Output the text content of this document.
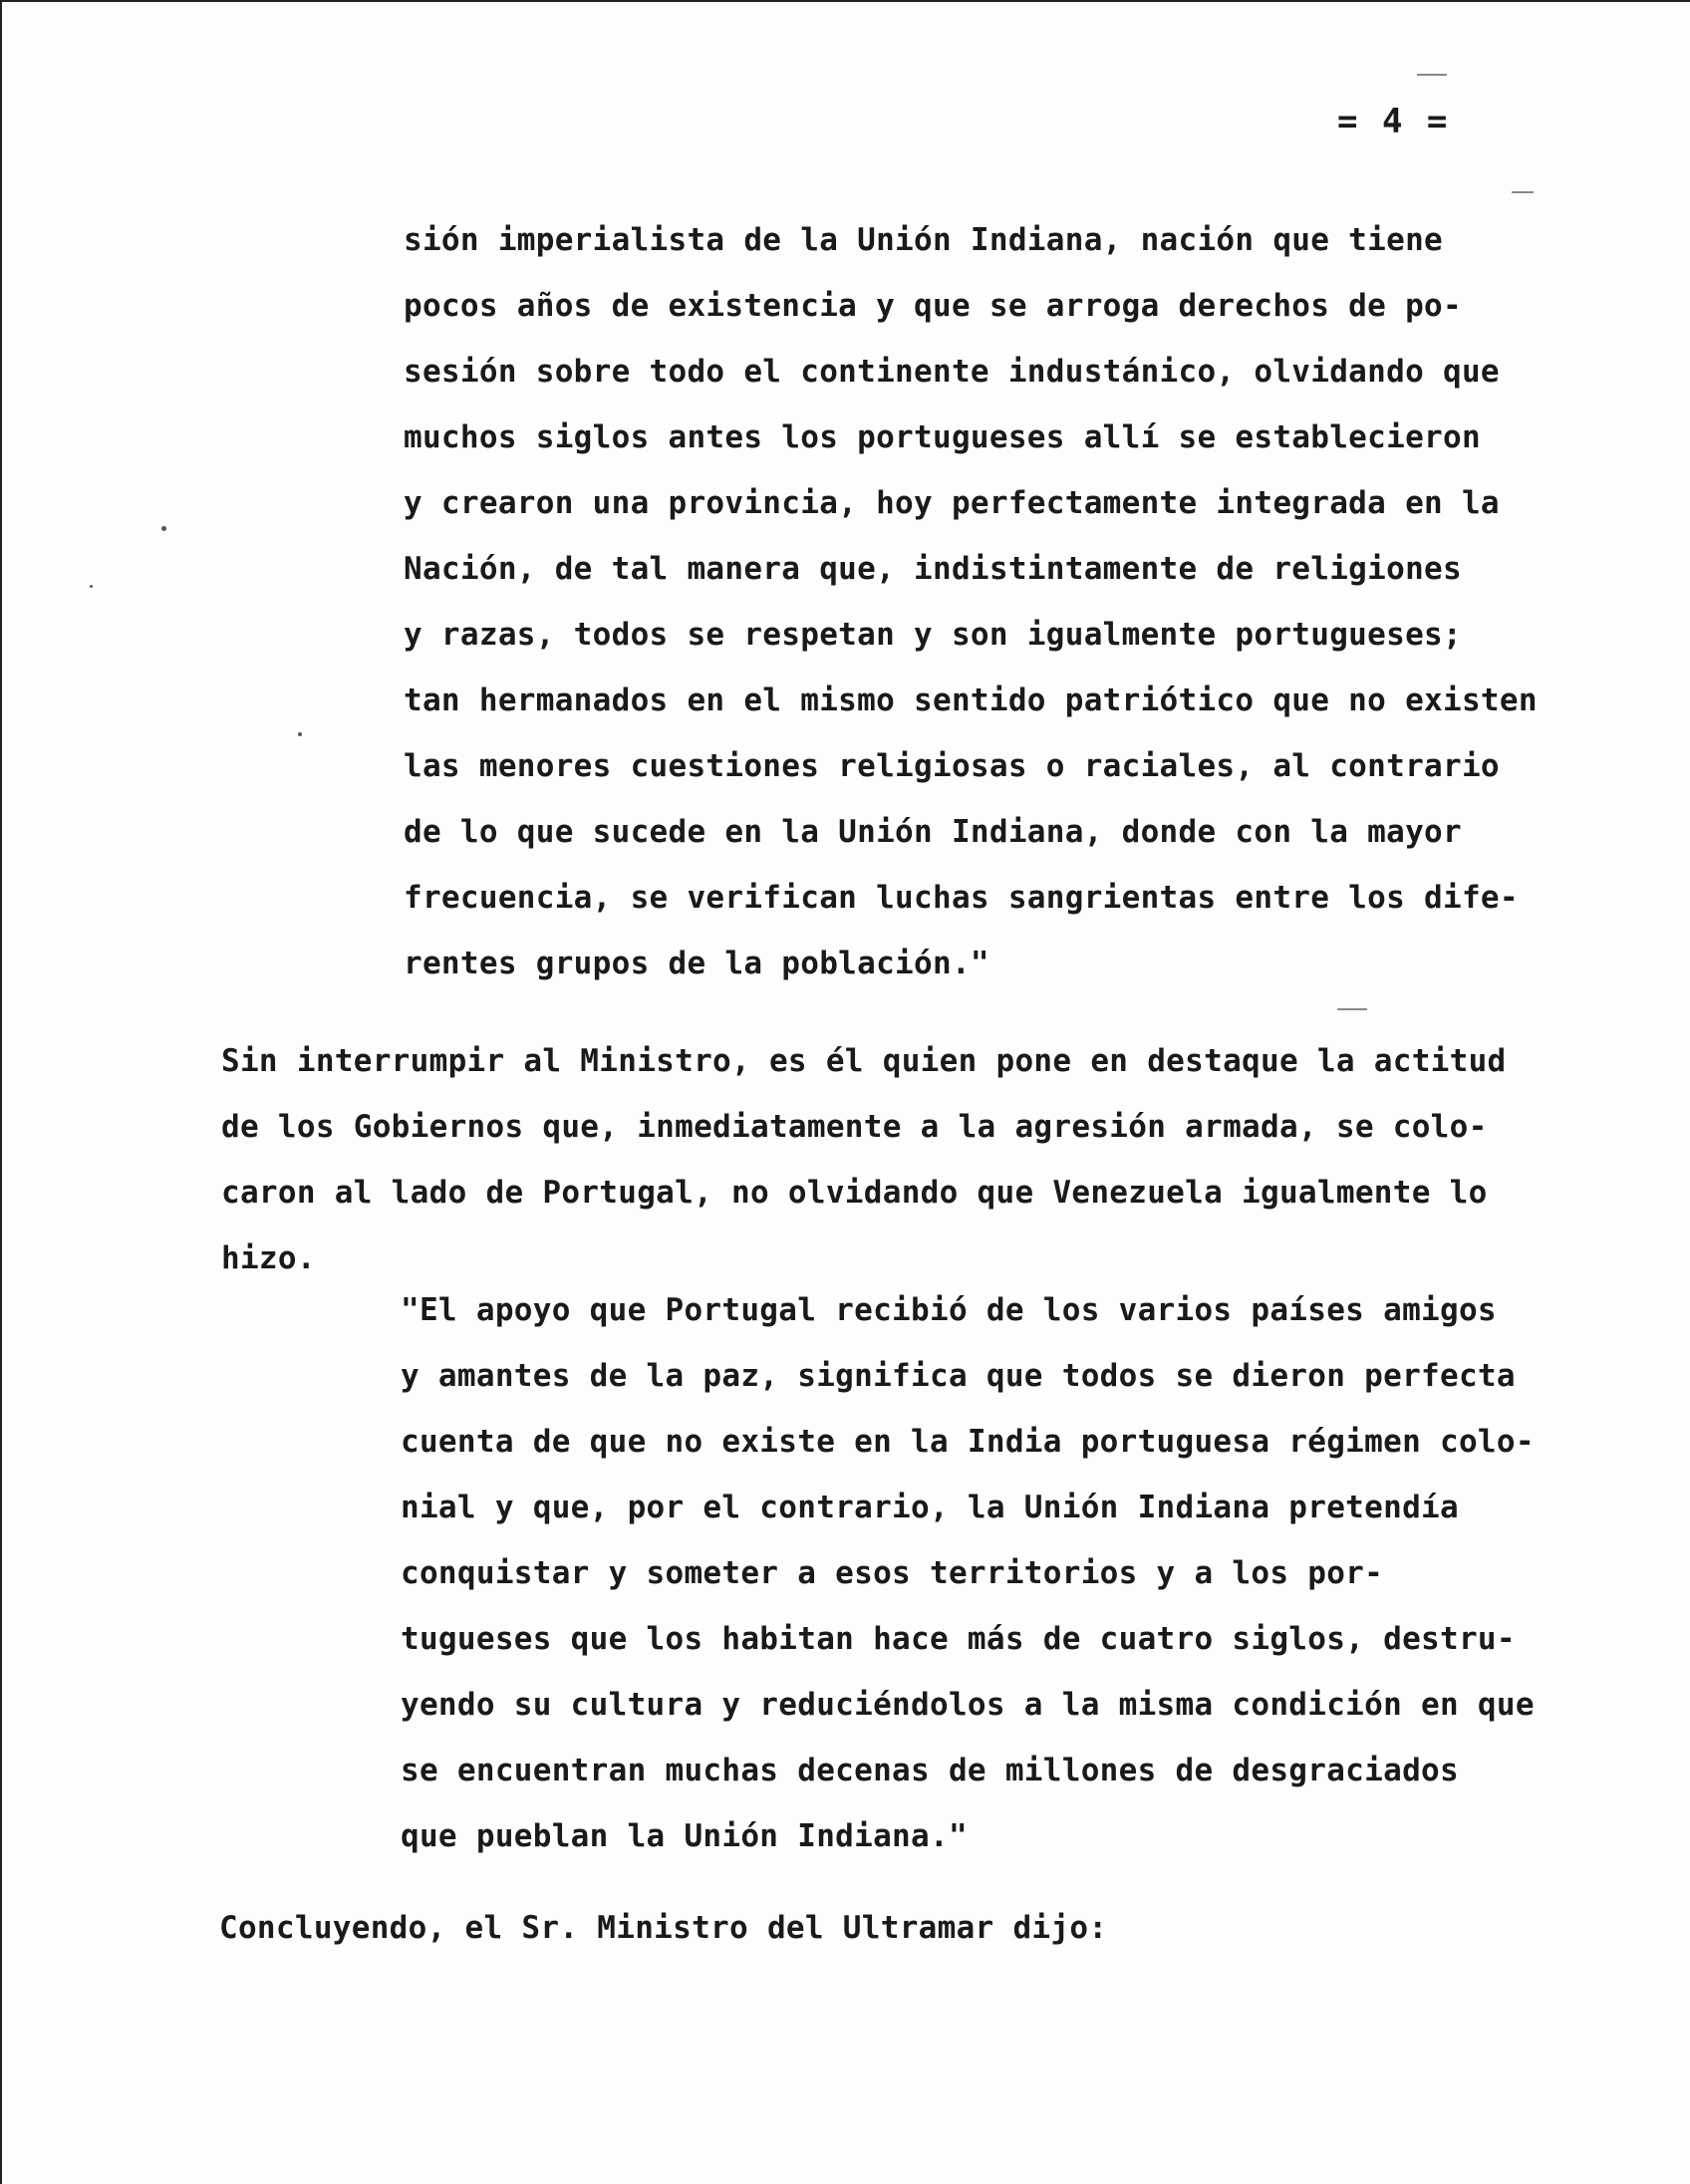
= 4 =
sión imperialista de la Unión Indiana, nación que tiene
pocos años de existencia y que se arroga derechos de po-
sesión sobre todo el continente industánico, olvidando que
muchos siglos antes los portugueses allí se establecieron
y crearon una provincia, hoy perfectamente integrada en la
Nación, de tal manera que, indistintamente de religiones
y razas, todos se respetan y son igualmente portugueses;
tan hermanados en el mismo sentido patriótico que no existen
las menores cuestiones religiosas o raciales, al contrario
de lo que sucede en la Unión Indiana, donde con la mayor
frecuencia, se verifican luchas sangrientas entre los dife-
rentes grupos de la población."
Sin interrumpir al Ministro, es él quien pone en destaque la actitud
de los Gobiernos que, inmediatamente a la agresión armada, se colo-
caron al lado de Portugal, no olvidando que Venezuela igualmente lo
hizo.
"El apoyo que Portugal recibió de los varios países amigos
y amantes de la paz, significa que todos se dieron perfecta
cuenta de que no existe en la India portuguesa régimen colo-
nial y que, por el contrario, la Unión Indiana pretendía
conquistar y someter a esos territorios y a los por-
tugueses que los habitan hace más de cuatro siglos, destru-
yendo su cultura y reduciéndolos a la misma condición en que
se encuentran muchas decenas de millones de desgraciados
que pueblan la Unión Indiana."
Concluyendo, el Sr. Ministro del Ultramar dijo:
